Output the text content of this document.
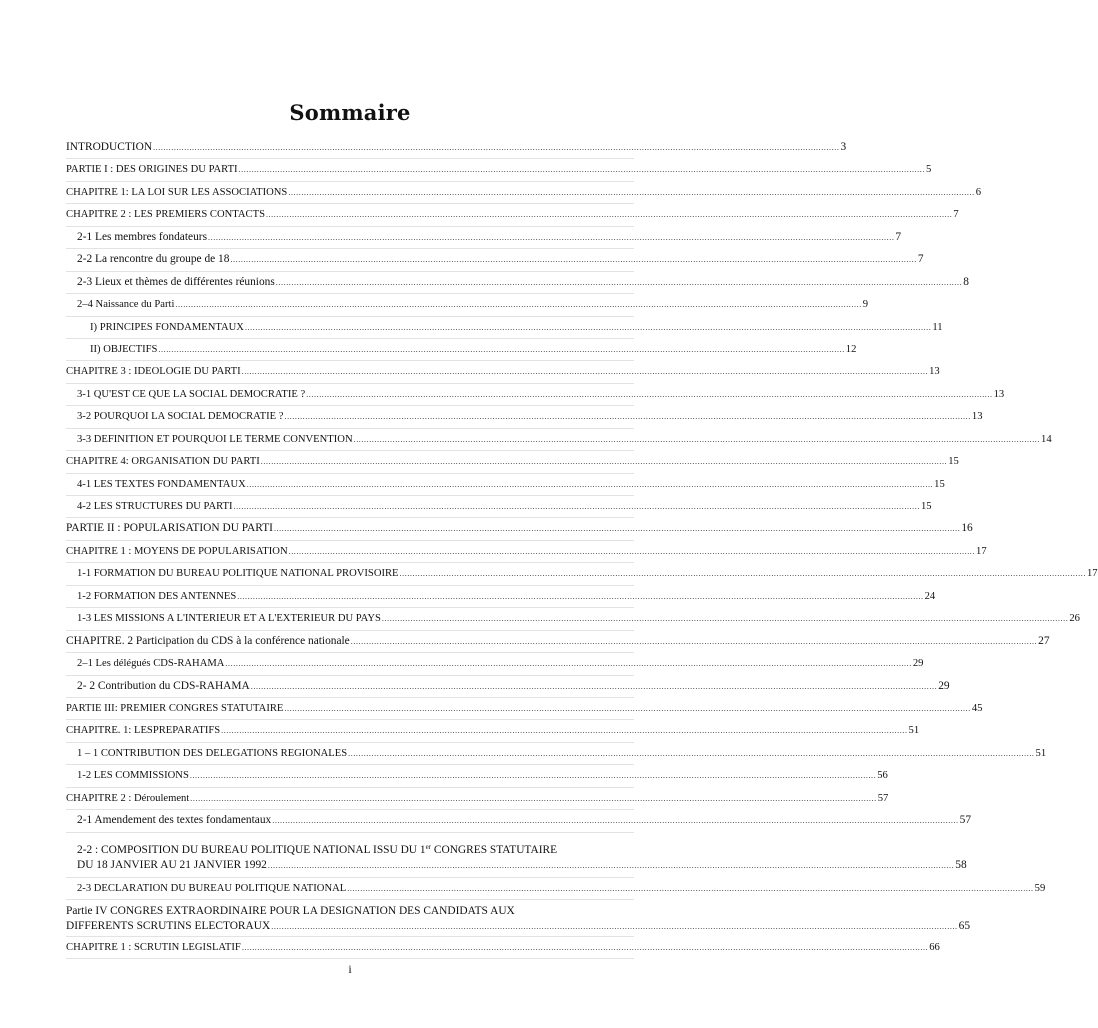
Sommaire
INTRODUCTION .....	3
PARTIE I : DES ORIGINES DU PARTI .....	5
CHAPITRE 1: LA LOI SUR LES ASSOCIATIONS .....	6
CHAPITRE 2 : LES PREMIERS CONTACTS .....	7
2-1 Les membres fondateurs .....	7
2-2 La rencontre du groupe de 18 .....	7
2-3 Lieux et thèmes de différentes réunions .....	8
2–4 Naissance du Parti .....	9
I) PRINCIPES FONDAMENTAUX .....	11
II) OBJECTIFS .....	12
CHAPITRE 3 : IDEOLOGIE DU PARTI .....	13
3-1 QU'EST CE QUE LA SOCIAL DEMOCRATIE ? .....	13
3-2 POURQUOI LA SOCIAL DEMOCRATIE ? .....	13
3-3 DEFINITION ET POURQUOI LE TERME CONVENTION .....	14
CHAPITRE 4: ORGANISATION DU PARTI .....	15
4-1 LES TEXTES FONDAMENTAUX .....	15
4-2 LES STRUCTURES DU PARTI .....	15
PARTIE II : POPULARISATION DU PARTI .....	16
CHAPITRE 1 : MOYENS DE POPULARISATION .....	17
1-1 FORMATION DU BUREAU POLITIQUE NATIONAL PROVISOIRE .....	17
1-2 FORMATION DES ANTENNES .....	24
1-3 LES MISSIONS A L'INTERIEUR ET A L'EXTERIEUR DU PAYS .....	26
CHAPITRE. 2 Participation du CDS à la conférence nationale .....	27
2–1 Les délégués CDS-RAHAMA .....	29
2- 2 Contribution du CDS-RAHAMA .....	29
PARTIE III: PREMIER CONGRES STATUTAIRE .....	45
CHAPITRE. 1: LESPREPARATIFS .....	51
1 – 1 CONTRIBUTION DES DELEGATIONS REGIONALES .....	51
1-2 LES COMMISSIONS .....	56
CHAPITRE 2 : Déroulement .....	57
2-1 Amendement des textes fondamentaux .....	57
2-2 : COMPOSITION DU BUREAU POLITIQUE NATIONAL ISSU DU 1er CONGRES STATUTAIRE
DU 18 JANVIER AU 21 JANVIER 1992 .....	58
2-3 DECLARATION DU BUREAU POLITIQUE NATIONAL .....	59
Partie IV CONGRES EXTRAORDINAIRE POUR LA DESIGNATION DES CANDIDATS AUX
DIFFERENTS SCRUTINS ELECTORAUX .....	65
CHAPITRE 1 : SCRUTIN LEGISLATIF .....	66
i
